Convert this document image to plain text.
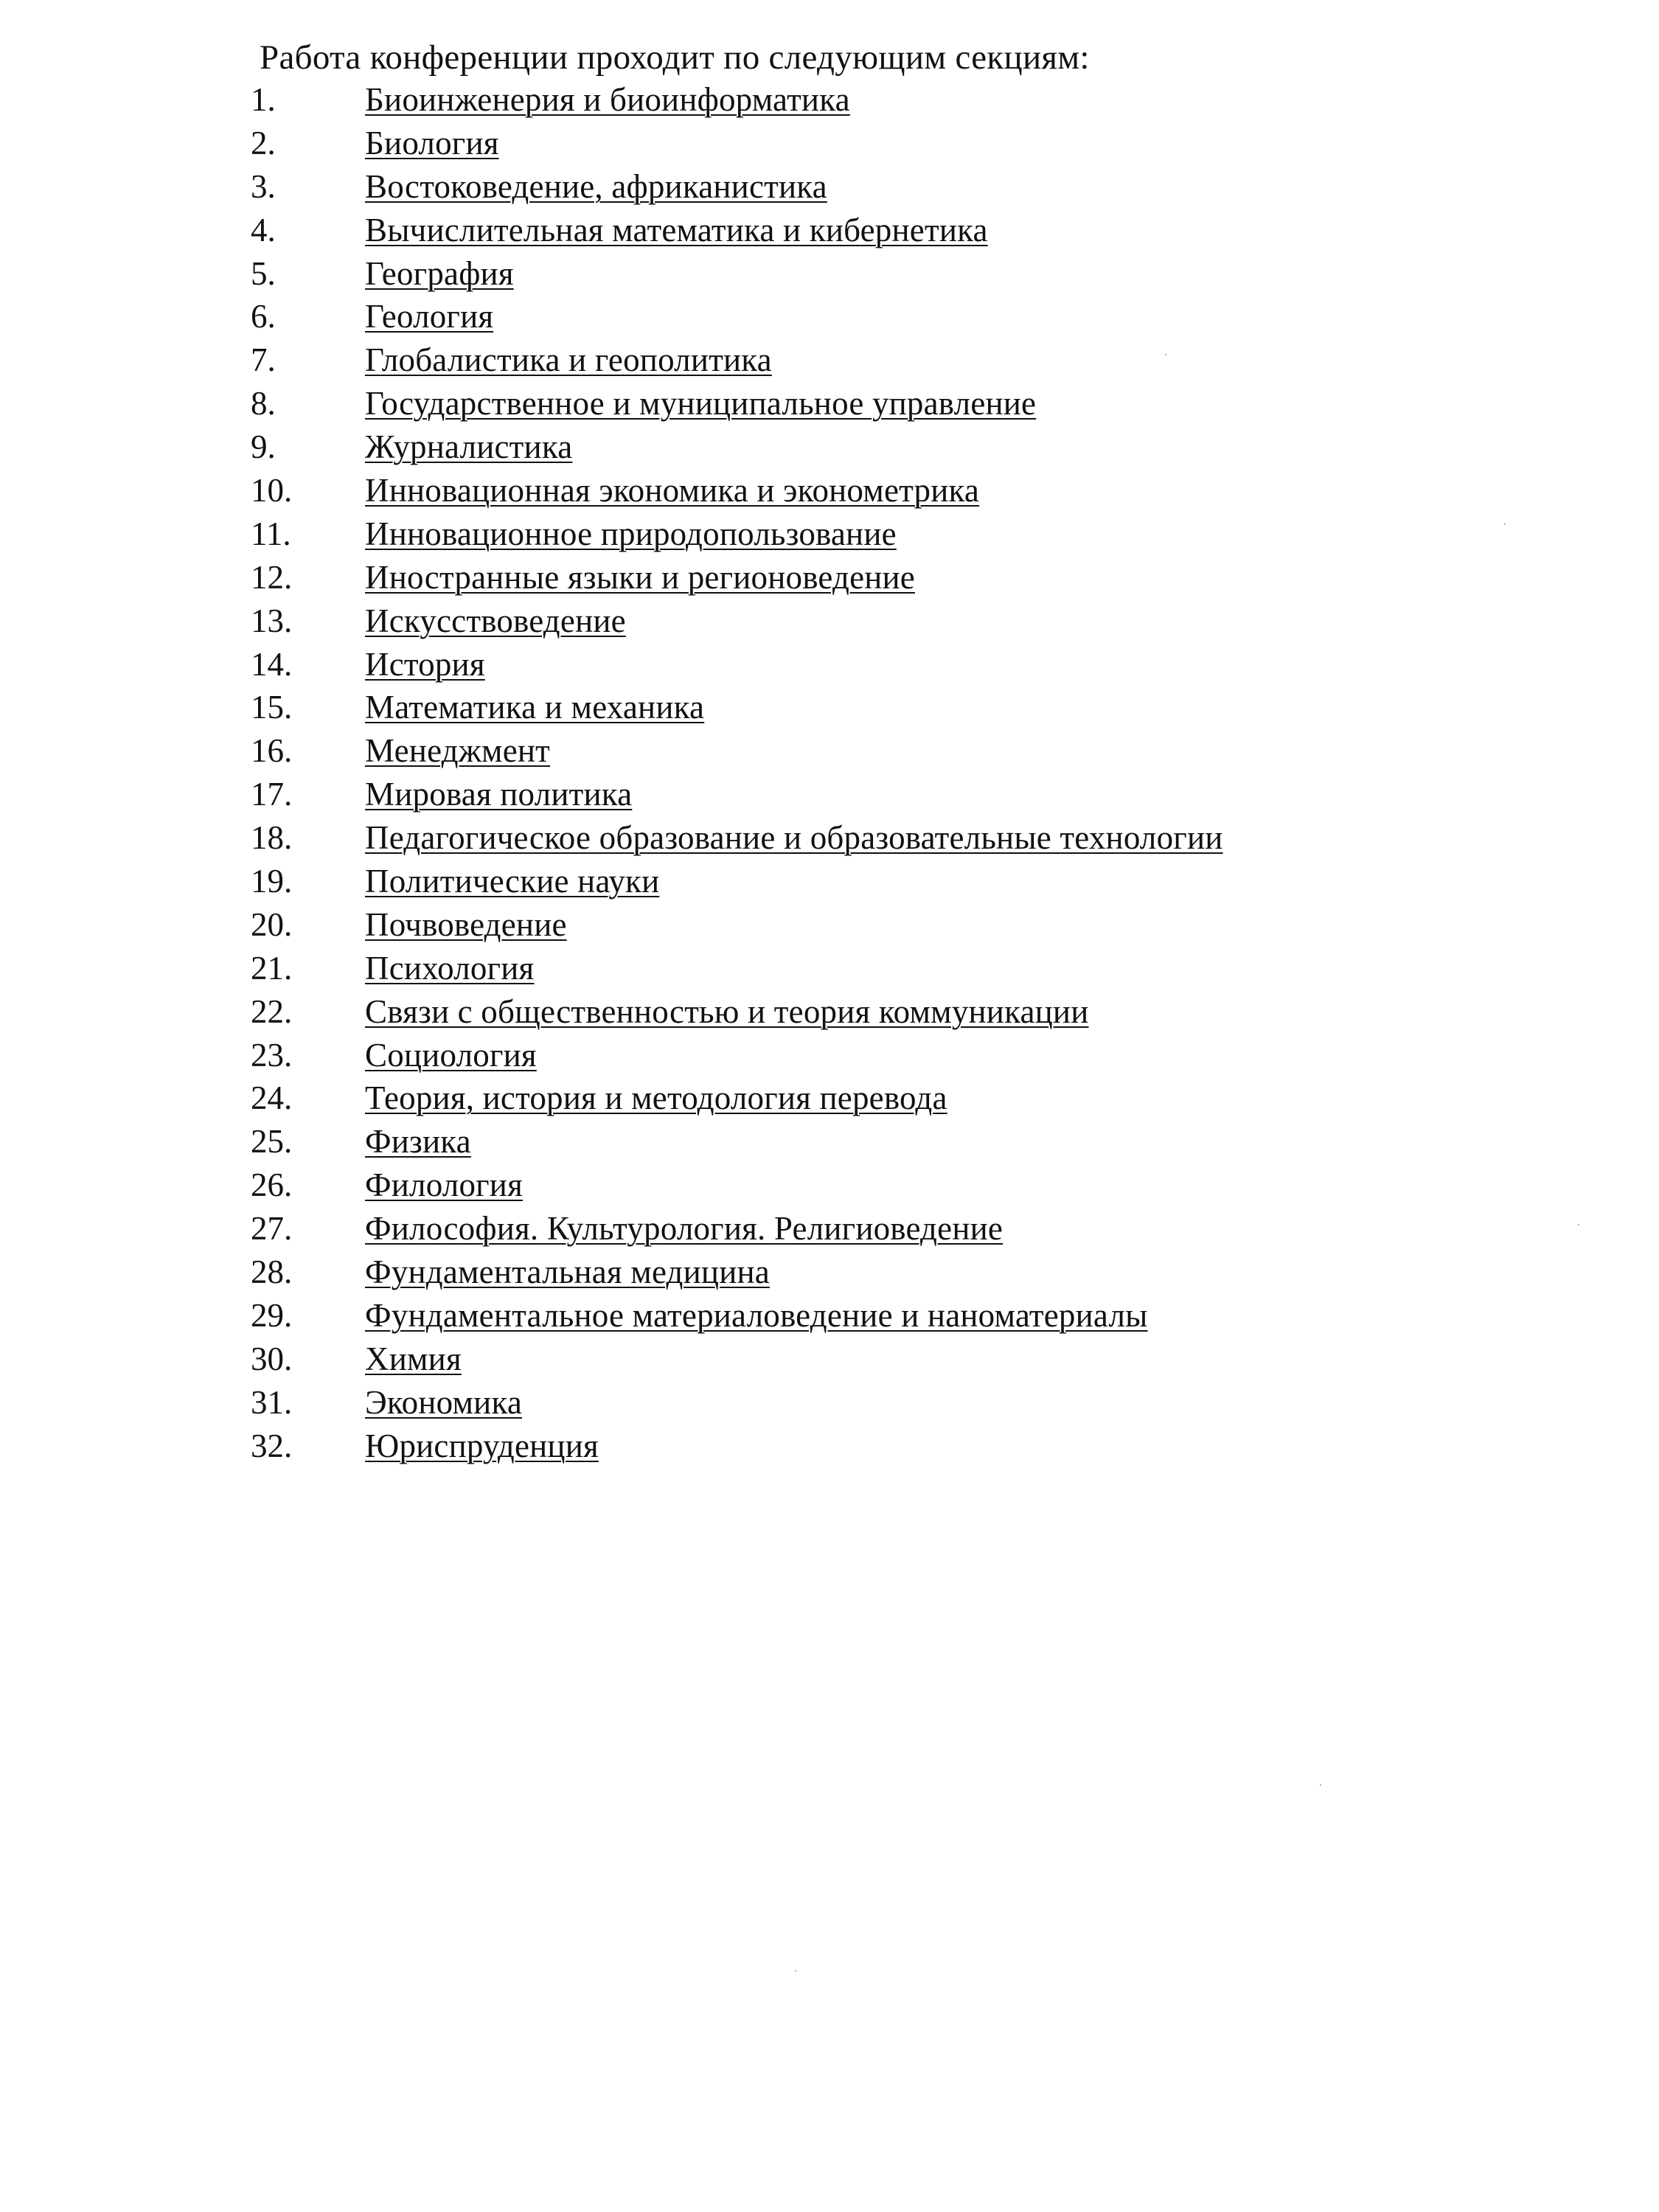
Работа конференции проходит по следующим секциям:
1.	Биоинженерия и биоинформатика
2.	Биология
3.	Востоковедение, африканистика
4.	Вычислительная математика и кибернетика
5.	География
6.	Геология
7.	Глобалистика и геополитика
8.	Государственное и муниципальное управление
9.	Журналистика
10.	Инновационная экономика и эконометрика
11.	Инновационное природопользование
12.	Иностранные языки и регионоведение
13.	Искусствоведение
14.	История
15.	Математика и механика
16.	Менеджмент
17.	Мировая политика
18.	Педагогическое образование и образовательные технологии
19.	Политические науки
20.	Почвоведение
21.	Психология
22.	Связи с общественностью и теория коммуникации
23.	Социология
24.	Теория, история и методология перевода
25.	Физика
26.	Филология
27.	Философия. Культурология. Религиоведение
28.	Фундаментальная медицина
29.	Фундаментальное материаловедение и наноматериалы
30.	Химия
31.	Экономика
32.	Юриспруденция
